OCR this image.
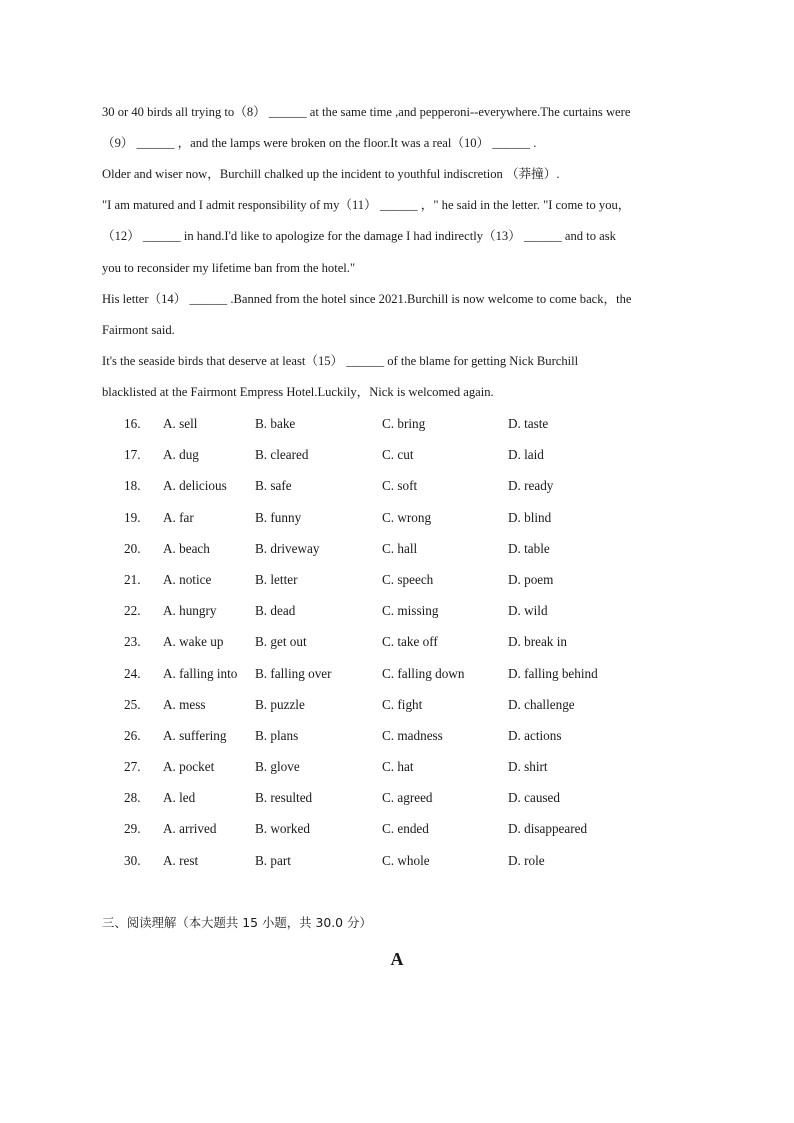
30 or 40 birds all trying to（8） ______ at the same time ,and pepperoni--everywhere.The curtains were
（9） ______ ，and the lamps were broken on the floor.It was a real（10） ______ .
Older and wiser now，Burchill chalked up the incident to youthful indiscretion （莽撞）.
"I am matured and I admit responsibility of my（11） ______ ，" he said in the letter. "I come to you，
（12） ______ in hand.I'd like to apologize for the damage I had indirectly（13） ______ and to ask
you to reconsider my lifetime ban from the hotel."
His letter（14） ______ .Banned from the hotel since 2021.Burchill is now welcome to come back，the
Fairmont said.
It's the seaside birds that deserve at least（15） ______ of the blame for getting Nick Burchill
blacklisted at the Fairmont Empress Hotel.Luckily，Nick is welcomed again.
16. A. sell	B. bake	C. bring	D. taste
17. A. dug	B. cleared	C. cut	D. laid
18. A. delicious B. safe	C. soft	D. ready
19. A. far	B. funny	C. wrong	D. blind
20. A. beach	B. driveway	C. hall	D. table
21. A. notice	B. letter	C. speech	D. poem
22. A. hungry	B. dead	C. missing	D. wild
23. A. wake up B. get out	C. take off	D. break in
24. A. falling into B. falling over	C. falling down	D. falling behind
25. A. mess	B. puzzle	C. fight	D. challenge
26. A. suffering B. plans	C. madness	D. actions
27. A. pocket	B. glove	C. hat	D. shirt
28. A. led	B. resulted	C. agreed	D. caused
29. A. arrived	B. worked	C. ended	D. disappeared
30. A. rest	B. part	C. whole	D. role
三、阅读理解（本大题共 15 小题，共 30.0 分）
A
